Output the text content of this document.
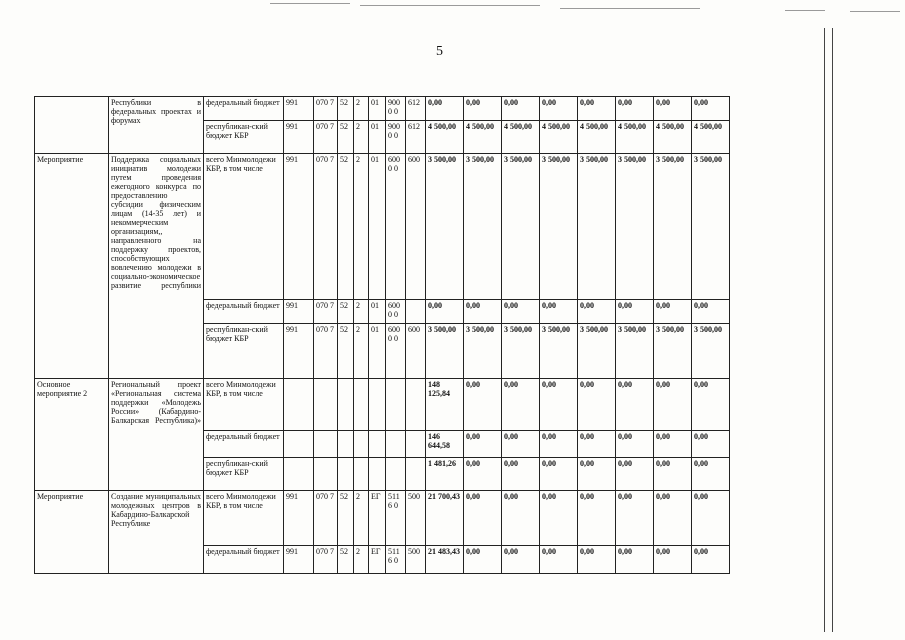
5
	Республики в федеральных проектах и форумах	федеральный бюджет	991	070 7	52	2	01	9000 0	612	0,00	0,00	0,00	0,00	0,00	0,00	0,00	0,00
		республикан-ский бюджет КБР	991	070 7	52	2	01	9000 0	612	4 500,00	4 500,00	4 500,00	4 500,00	4 500,00	4 500,00	4 500,00	4 500,00
Мероприятие	Поддержка социальных инициатив молодежи путем проведения ежегодного конкурса по предоставлению субсидии физическим лицам (14-35 лет) и некоммерческим организациям,, направленного на поддержку проектов, способствующих вовлечению молодежи в социально-экономическое развитие республики	всего Минмолодежи КБР, в том числе	991	070 7	52	2	01	6000 0	600	3 500,00	3 500,00	3 500,00	3 500,00	3 500,00	3 500,00	3 500,00	3 500,00
		федеральный бюджет	991	070 7	52	2	01	6000 0		0,00	0,00	0,00	0,00	0,00	0,00	0,00	0,00
		республикан-ский бюджет КБР	991	070 7	52	2	01	6000 0	600	3 500,00	3 500,00	3 500,00	3 500,00	3 500,00	3 500,00	3 500,00	3 500,00
Основное мероприятие 2	Региональный проект «Региональная система поддержки «Молодежь России» (Кабардино-Балкарская Республика)»	всего Минмолодежи КБР, в том числе								148 125,84	0,00	0,00	0,00	0,00	0,00	0,00	0,00
		федеральный бюджет								146 644,58	0,00	0,00	0,00	0,00	0,00	0,00	0,00
		республикан-ский бюджет КБР								1 481,26	0,00	0,00	0,00	0,00	0,00	0,00	0,00
Мероприятие	Создание муниципальных молодежных центров в Кабардино-Балкарской Республике	всего Минмолодежи КБР, в том числе	991	070 7	52	2	ЕГ	5116 0	500	21 700,43	0,00	0,00	0,00	0,00	0,00	0,00	0,00
		федеральный бюджет	991	070 7	52	2	ЕГ	5116 0	500	21 483,43	0,00	0,00	0,00	0,00	0,00	0,00	0,00
